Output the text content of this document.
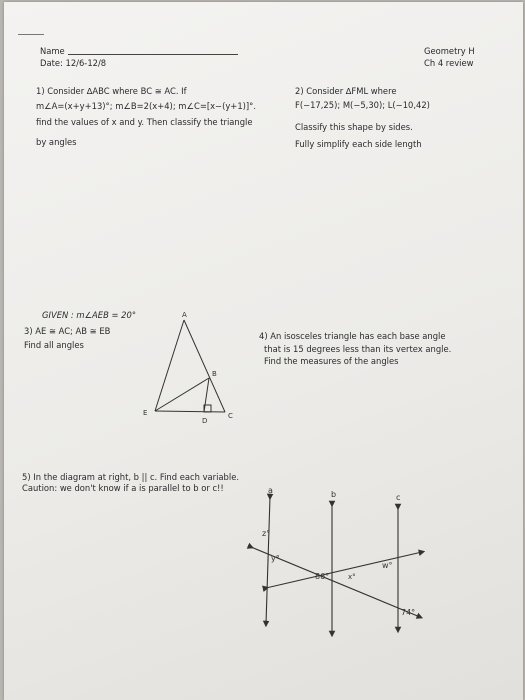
Name
Date: 12/6-12/8
Geometry H
Ch 4 review
1) Consider ∆ABC where BC ≅ AC. If
m∠A=(x+y+13)°; m∠B=2(x+4); m∠C=[x−(y+1)]°.
find the values of x and y. Then classify the triangle
by angles
2) Consider ∆FML where
F(−17,25); M(−5,30); L(−10,42)
Classify this shape by sides.
Fully simplify each side length
GIVEN : m∠AEB = 20°
3) AE ≅ AC; AB ≅ EB
Find all angles
A
B
C
D
E
4) An isosceles triangle has each base angle
that is 15 degrees less than its vertex angle.
Find the measures of the angles
5) In the diagram at right, b || c. Find each variable.
Caution: we don't know if a is parallel to b or c!!	a	b	c
z°
y°
86°	x°
w°
74°
